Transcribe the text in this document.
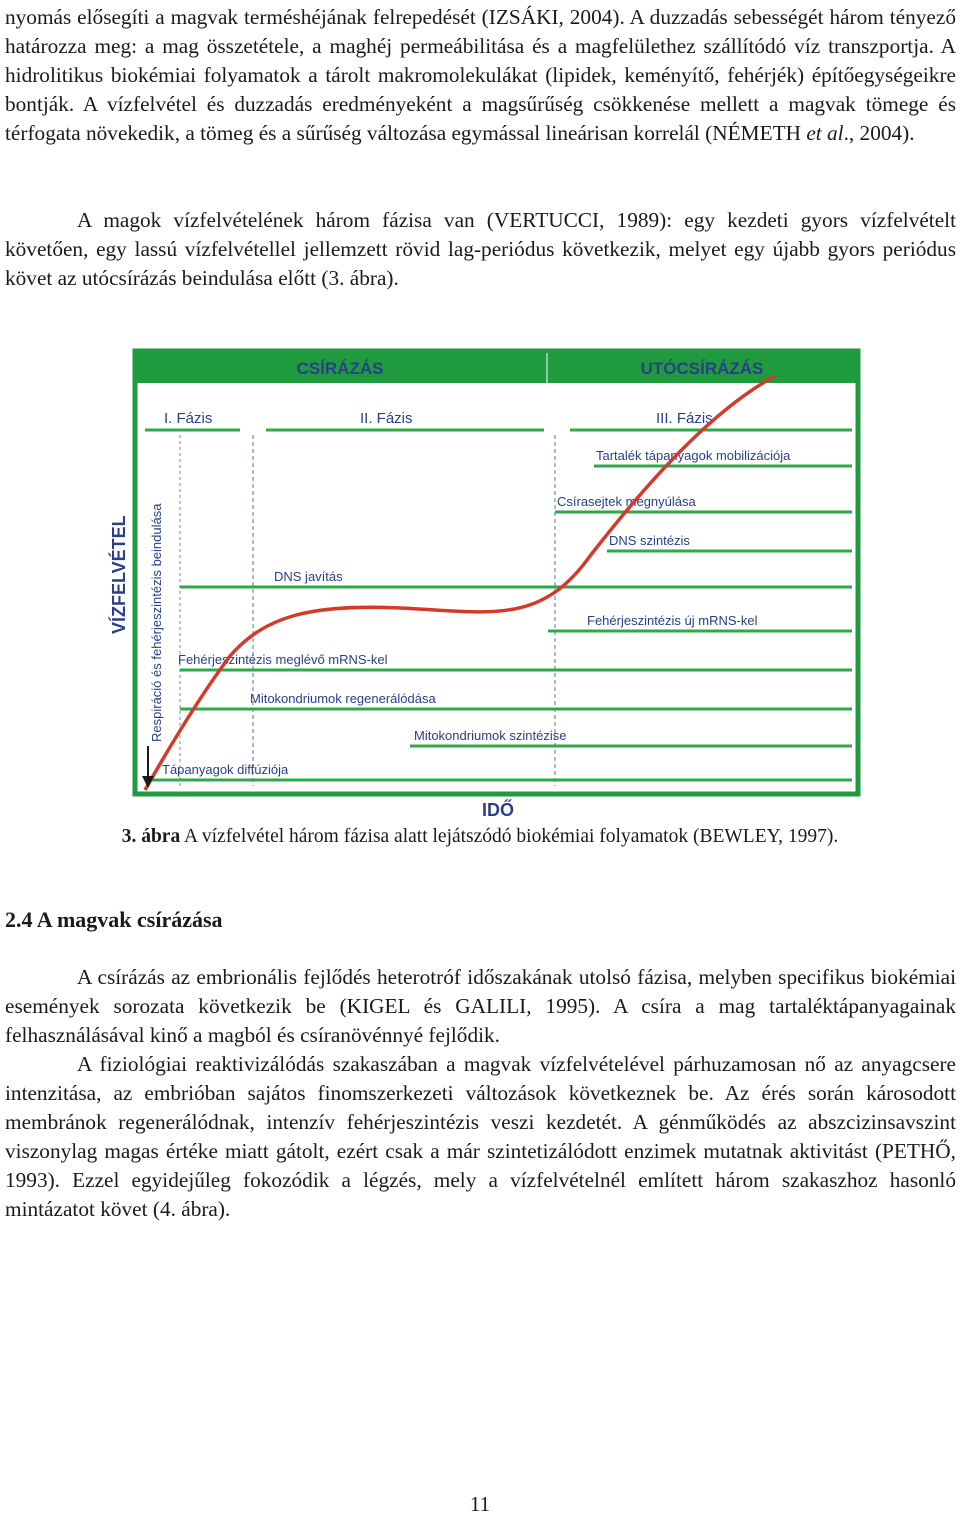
nyomás elősegíti a magvak terméshéjának felrepedését (IZSÁKI, 2004). A duzzadás sebességét három tényező határozza meg: a mag összetétele, a maghéj permeábilitása és a magfelülethez szállítódó víz transzportja. A hidrolitikus biokémiai folyamatok a tárolt makromolekulákat (lipidek, keményítő, fehérjék) építőegységeikre bontják. A vízfelvétel és duzzadás eredményeként a magsűrűség csökkenése mellett a magvak tömege és térfogata növekedik, a tömeg és a sűrűség változása egymással lineárisan korrelál (NÉMETH et al., 2004).

A magok vízfelvételének három fázisa van (VERTUCCI, 1989): egy kezdeti gyors vízfelvételt követően, egy lassú vízfelvétellel jellemzett rövid lag-periódus következik, melyet egy újabb gyors periódus követ az utócsírázás beindulása előtt (3. ábra).

CSÍRÁZÁS	UTÓCSÍRÁZÁS
I. Fázis	II. Fázis	III. Fázis
Tartalék tápanyagok mobilizációja
Csírasejtek megnyúlása
DNS szintézis
DNS javítás
Fehérjeszintézis új mRNS-kel
Fehérjeszintézis meglévő mRNS-kel
Mitokondriumok regenerálódása
Mitokondriumok szintézise
Tápanyagok diffúziója
Respiráció és fehérjeszintézis beindulása
VÍZFELVÉTEL
IDŐ
3. ábra A vízfelvétel három fázisa alatt lejátszódó biokémiai folyamatok (BEWLEY, 1997).
2.4 A magvak csírázása

A csírázás az embrionális fejlődés heterotróf időszakának utolsó fázisa, melyben specifikus biokémiai események sorozata következik be (KIGEL és GALILI, 1995). A csíra a mag tartaléktápanyagainak felhasználásával kinő a magból és csíranövénnyé fejlődik.

A fiziológiai reaktivizálódás szakaszában a magvak vízfelvételével párhuzamosan nő az anyagcsere intenzitása, az embrióban sajátos finomszerkezeti változások következnek be. Az érés során károsodott membránok regenerálódnak, intenzív fehérjeszintézis veszi kezdetét. A génműködés az abszcizinsavszint viszonylag magas értéke miatt gátolt, ezért csak a már szintetizálódott enzimek mutatnak aktivitást (PETHŐ, 1993). Ezzel egyidejűleg fokozódik a légzés, mely a vízfelvételnél említett három szakaszhoz hasonló mintázatot követ (4. ábra).

11
